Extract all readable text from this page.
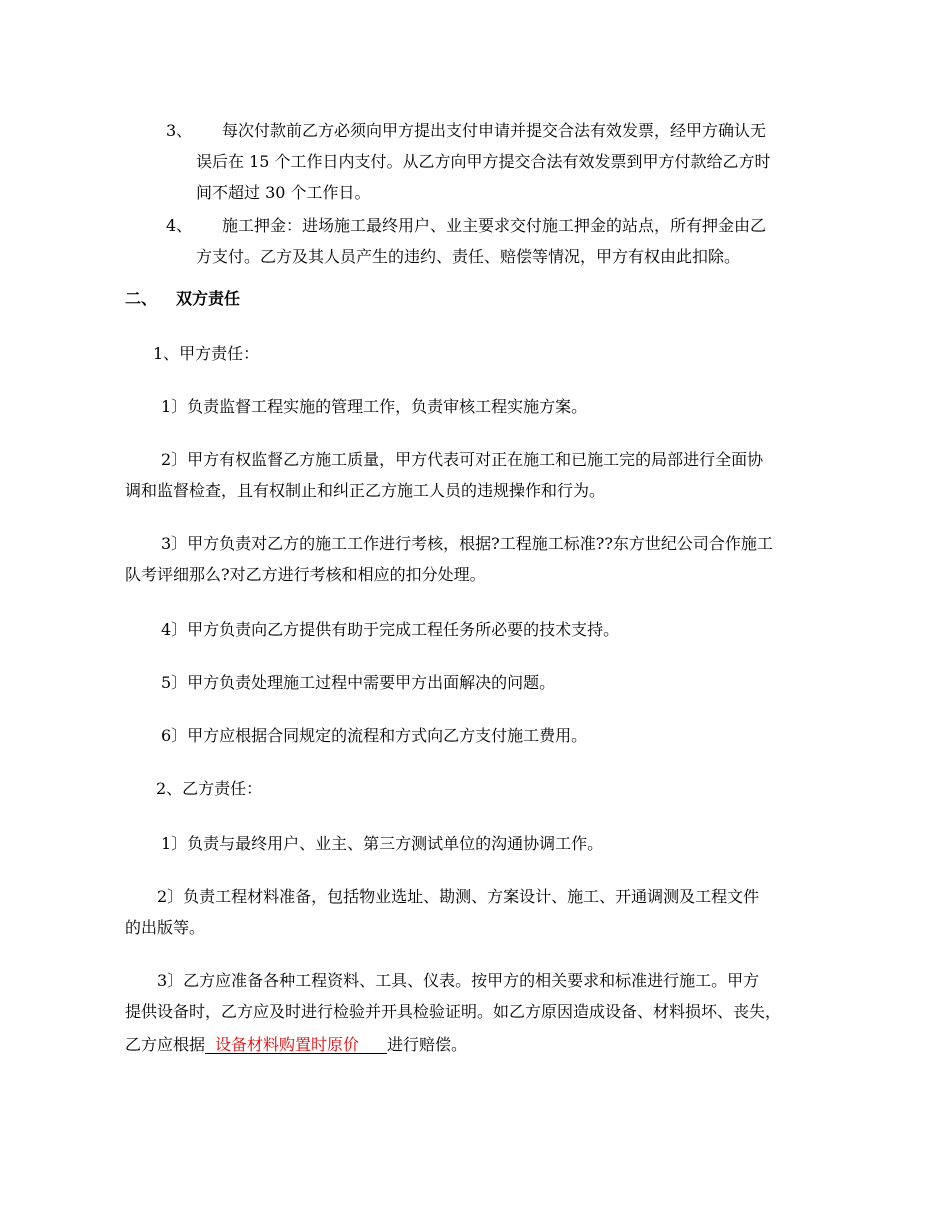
3、 每次付款前乙方必须向甲方提出支付申请并提交合法有效发票，经甲方确认无
误后在 15 个工作日内支付。从乙方向甲方提交合法有效发票到甲方付款给乙方时
间不超过 30 个工作日。
4、 施工押金：进场施工最终用户、业主要求交付施工押金的站点，所有押金由乙
方支付。乙方及其人员产生的违约、责任、赔偿等情况，甲方有权由此扣除。
二、 双方责任
1、甲方责任：
1〕负责监督工程实施的管理工作，负责审核工程实施方案。
2〕甲方有权监督乙方施工质量，甲方代表可对正在施工和已施工完的局部进行全面协
调和监督检查，且有权制止和纠正乙方施工人员的违规操作和行为。
3〕甲方负责对乙方的施工工作进行考核，根据?工程施工标准??东方世纪公司合作施工
队考评细那么?对乙方进行考核和相应的扣分处理。
4〕甲方负责向乙方提供有助于完成工程任务所必要的技术支持。
5〕甲方负责处理施工过程中需要甲方出面解决的问题。
6〕甲方应根据合同规定的流程和方式向乙方支付施工费用。
2、乙方责任：
1〕负责与最终用户、业主、第三方测试单位的沟通协调工作。
2〕负责工程材料准备，包括物业选址、勘测、方案设计、施工、开通调测及工程文件
的出版等。
3〕乙方应准备各种工程资料、工具、仪表。按甲方的相关要求和标准进行施工。甲方
提供设备时，乙方应及时进行检验并开具检验证明。如乙方原因造成设备、材料损坏、丧失，
乙方应根据 设备材料购置时原价 进行赔偿。
